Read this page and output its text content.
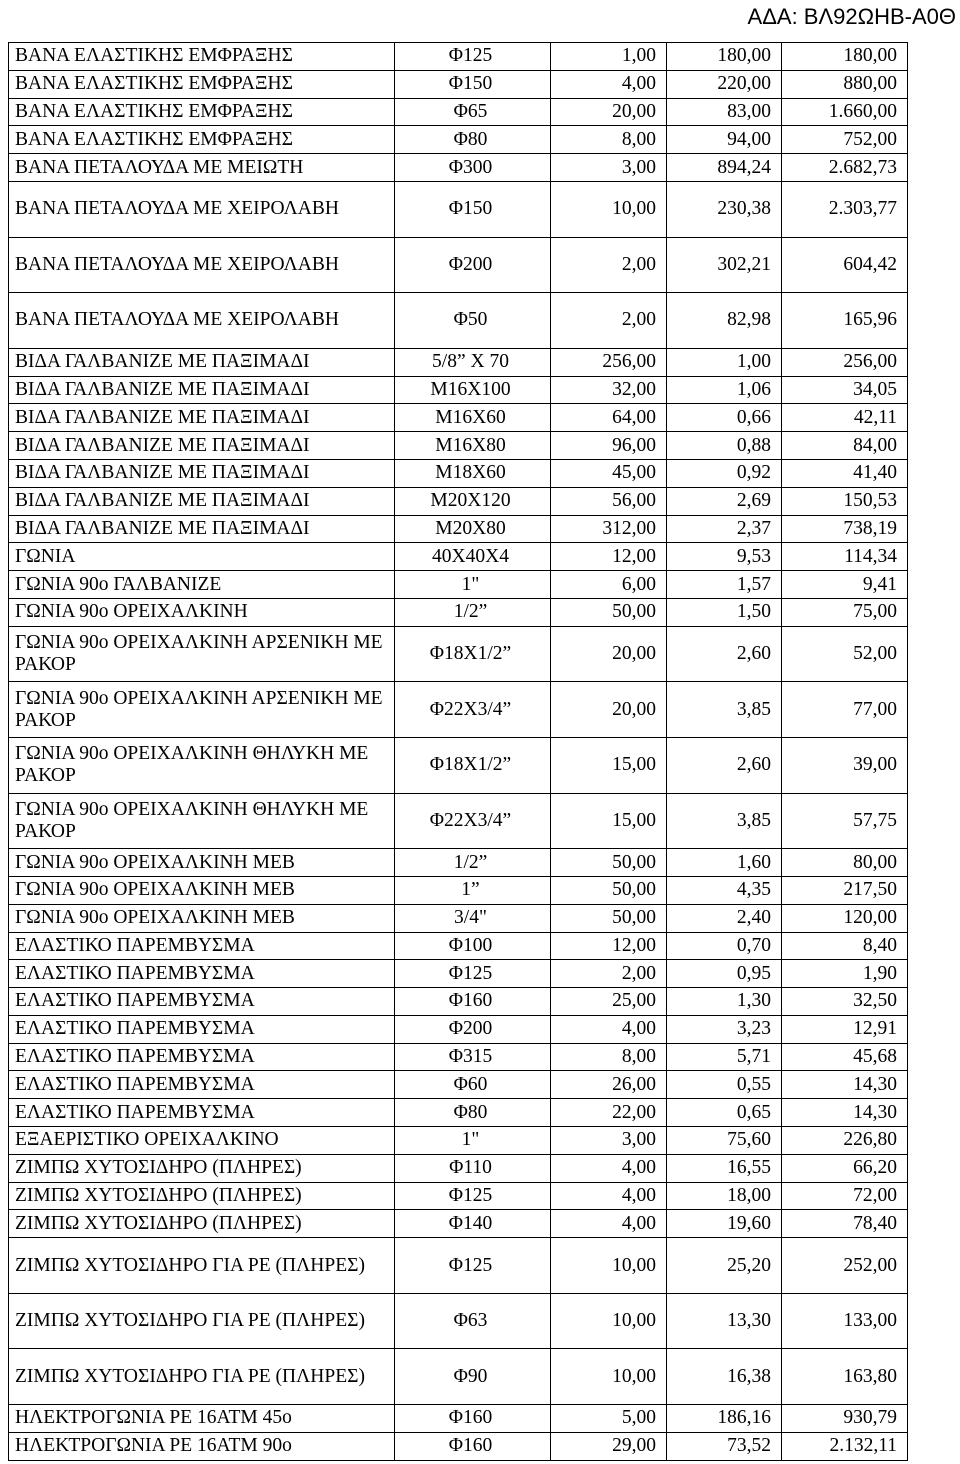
ΑΔΑ: ΒΛ92ΩΗΒ-Α0Θ
ΒΑΝΑ ΕΛΑΣΤΙΚΗΣ ΕΜΦΡΑΞΗΣ	Φ125	1,00	180,00	180,00
ΒΑΝΑ ΕΛΑΣΤΙΚΗΣ ΕΜΦΡΑΞΗΣ	Φ150	4,00	220,00	880,00
ΒΑΝΑ ΕΛΑΣΤΙΚΗΣ ΕΜΦΡΑΞΗΣ	Φ65	20,00	83,00	1.660,00
ΒΑΝΑ ΕΛΑΣΤΙΚΗΣ ΕΜΦΡΑΞΗΣ	Φ80	8,00	94,00	752,00
ΒΑΝΑ ΠΕΤΑΛΟΥΔΑ ΜΕ ΜΕΙΩΤΗ	Φ300	3,00	894,24	2.682,73
ΒΑΝΑ ΠΕΤΑΛΟΥΔΑ ΜΕ ΧΕΙΡΟΛΑΒΗ	Φ150	10,00	230,38	2.303,77
ΒΑΝΑ ΠΕΤΑΛΟΥΔΑ ΜΕ ΧΕΙΡΟΛΑΒΗ	Φ200	2,00	302,21	604,42
ΒΑΝΑ ΠΕΤΑΛΟΥΔΑ ΜΕ ΧΕΙΡΟΛΑΒΗ	Φ50	2,00	82,98	165,96
ΒΙΔΑ ΓΑΛΒΑΝΙΖΕ ΜΕ ΠΑΞΙΜΑΔΙ	5/8” Χ 70	256,00	1,00	256,00
ΒΙΔΑ ΓΑΛΒΑΝΙΖΕ ΜΕ ΠΑΞΙΜΑΔΙ	Μ16Χ100	32,00	1,06	34,05
ΒΙΔΑ ΓΑΛΒΑΝΙΖΕ ΜΕ ΠΑΞΙΜΑΔΙ	Μ16Χ60	64,00	0,66	42,11
ΒΙΔΑ ΓΑΛΒΑΝΙΖΕ ΜΕ ΠΑΞΙΜΑΔΙ	Μ16Χ80	96,00	0,88	84,00
ΒΙΔΑ ΓΑΛΒΑΝΙΖΕ ΜΕ ΠΑΞΙΜΑΔΙ	Μ18Χ60	45,00	0,92	41,40
ΒΙΔΑ ΓΑΛΒΑΝΙΖΕ ΜΕ ΠΑΞΙΜΑΔΙ	Μ20Χ120	56,00	2,69	150,53
ΒΙΔΑ ΓΑΛΒΑΝΙΖΕ ΜΕ ΠΑΞΙΜΑΔΙ	Μ20Χ80	312,00	2,37	738,19
ΓΩΝΙΑ	40Χ40Χ4	12,00	9,53	114,34
ΓΩΝΙΑ 90ο ΓΑΛΒΑΝΙΖΕ	1"	6,00	1,57	9,41
ΓΩΝΙΑ 90ο ΟΡΕΙΧΑΛΚΙΝΗ	1/2”	50,00	1,50	75,00
ΓΩΝΙΑ 90ο ΟΡΕΙΧΑΛΚΙΝΗ ΑΡΣΕΝΙΚΗ ΜΕ ΡΑΚΟΡ	Φ18Χ1/2”	20,00	2,60	52,00
ΓΩΝΙΑ 90ο ΟΡΕΙΧΑΛΚΙΝΗ ΑΡΣΕΝΙΚΗ ΜΕ ΡΑΚΟΡ	Φ22Χ3/4”	20,00	3,85	77,00
ΓΩΝΙΑ 90ο ΟΡΕΙΧΑΛΚΙΝΗ ΘΗΛΥΚΗ ΜΕ ΡΑΚΟΡ	Φ18Χ1/2”	15,00	2,60	39,00
ΓΩΝΙΑ 90ο ΟΡΕΙΧΑΛΚΙΝΗ ΘΗΛΥΚΗ ΜΕ ΡΑΚΟΡ	Φ22Χ3/4”	15,00	3,85	57,75
ΓΩΝΙΑ 90ο ΟΡΕΙΧΑΛΚΙΝΗ ΜΕΒ	1/2”	50,00	1,60	80,00
ΓΩΝΙΑ 90ο ΟΡΕΙΧΑΛΚΙΝΗ ΜΕΒ	1”	50,00	4,35	217,50
ΓΩΝΙΑ 90ο ΟΡΕΙΧΑΛΚΙΝΗ ΜΕΒ	3/4"	50,00	2,40	120,00
ΕΛΑΣΤΙΚΟ ΠΑΡΕΜΒΥΣΜΑ	Φ100	12,00	0,70	8,40
ΕΛΑΣΤΙΚΟ ΠΑΡΕΜΒΥΣΜΑ	Φ125	2,00	0,95	1,90
ΕΛΑΣΤΙΚΟ ΠΑΡΕΜΒΥΣΜΑ	Φ160	25,00	1,30	32,50
ΕΛΑΣΤΙΚΟ ΠΑΡΕΜΒΥΣΜΑ	Φ200	4,00	3,23	12,91
ΕΛΑΣΤΙΚΟ ΠΑΡΕΜΒΥΣΜΑ	Φ315	8,00	5,71	45,68
ΕΛΑΣΤΙΚΟ ΠΑΡΕΜΒΥΣΜΑ	Φ60	26,00	0,55	14,30
ΕΛΑΣΤΙΚΟ ΠΑΡΕΜΒΥΣΜΑ	Φ80	22,00	0,65	14,30
ΕΞΑΕΡΙΣΤΙΚΟ ΟΡΕΙΧΑΛΚΙΝΟ	1"	3,00	75,60	226,80
ΖΙΜΠΩ ΧΥΤΟΣΙΔΗΡΟ (ΠΛΗΡΕΣ)	Φ110	4,00	16,55	66,20
ΖΙΜΠΩ ΧΥΤΟΣΙΔΗΡΟ (ΠΛΗΡΕΣ)	Φ125	4,00	18,00	72,00
ΖΙΜΠΩ ΧΥΤΟΣΙΔΗΡΟ (ΠΛΗΡΕΣ)	Φ140	4,00	19,60	78,40
ΖΙΜΠΩ ΧΥΤΟΣΙΔΗΡΟ ΓΙΑ PE (ΠΛΗΡΕΣ)	Φ125	10,00	25,20	252,00
ΖΙΜΠΩ ΧΥΤΟΣΙΔΗΡΟ ΓΙΑ PE (ΠΛΗΡΕΣ)	Φ63	10,00	13,30	133,00
ΖΙΜΠΩ ΧΥΤΟΣΙΔΗΡΟ ΓΙΑ PE (ΠΛΗΡΕΣ)	Φ90	10,00	16,38	163,80
ΗΛΕΚΤΡΟΓΩΝΙΑ PE 16ΑΤΜ 45ο	Φ160	5,00	186,16	930,79
ΗΛΕΚΤΡΟΓΩΝΙΑ PE 16ΑΤΜ 90ο	Φ160	29,00	73,52	2.132,11
